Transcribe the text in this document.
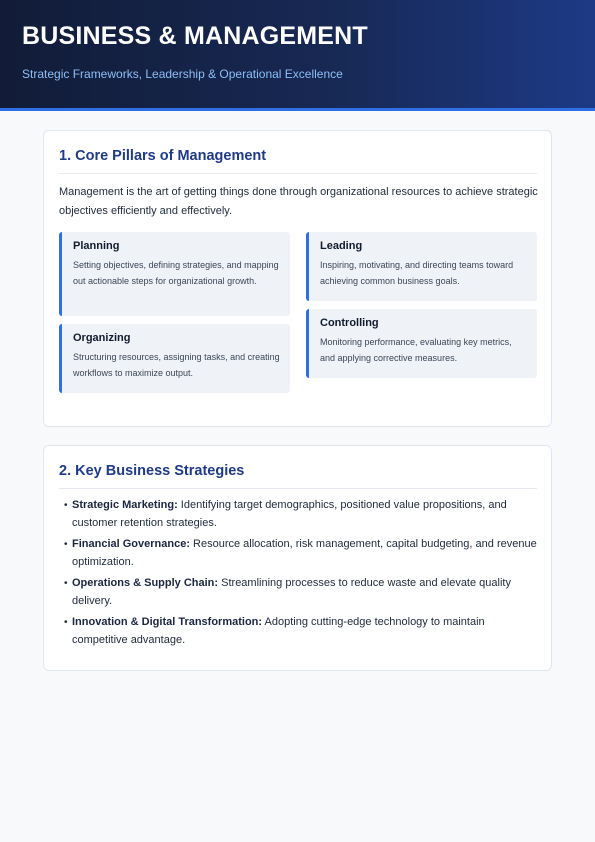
BUSINESS & MANAGEMENT
Strategic Frameworks, Leadership & Operational Excellence
1. Core Pillars of Management
Management is the art of getting things done through organizational resources to achieve strategic objectives efficiently and effectively.
Planning
Setting objectives, defining strategies, and mapping out actionable steps for organizational growth.
Organizing
Structuring resources, assigning tasks, and creating workflows to maximize output.
Leading
Inspiring, motivating, and directing teams toward achieving common business goals.
Controlling
Monitoring performance, evaluating key metrics, and applying corrective measures.
2. Key Business Strategies
• Strategic Marketing: Identifying target demographics, positioned value propositions, and customer retention strategies.
• Financial Governance: Resource allocation, risk management, capital budgeting, and revenue optimization.
• Operations & Supply Chain: Streamlining processes to reduce waste and elevate quality delivery.
• Innovation & Digital Transformation: Adopting cutting-edge technology to maintain competitive advantage.
